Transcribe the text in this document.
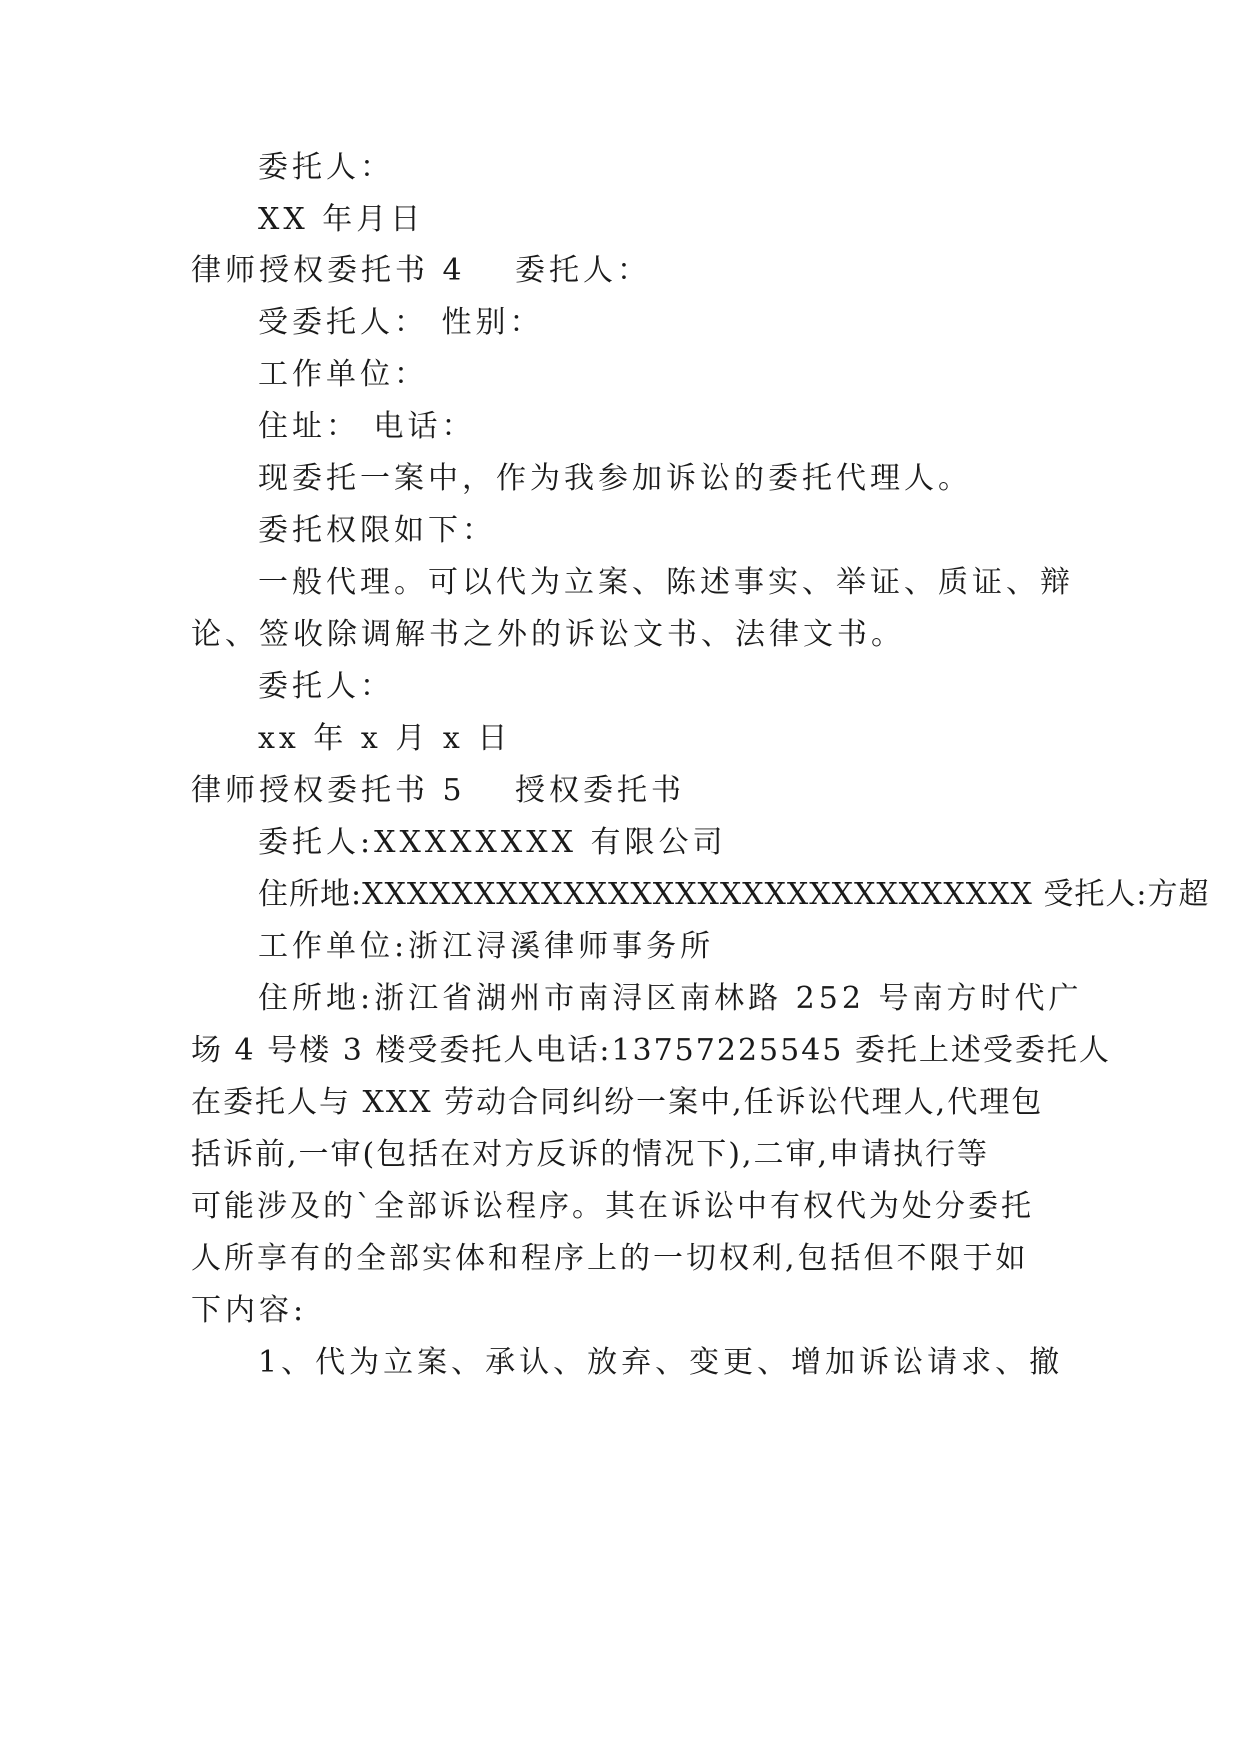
委托人：
XX 年月日
律师授权委托书 4 委托人：
受委托人： 性别：
工作单位：
住址： 电话：
现委托一案中，作为我参加诉讼的委托代理人。
委托权限如下：
一般代理。可以代为立案、陈述事实、举证、质证、辩
论、签收除调解书之外的诉讼文书、法律文书。
委托人：
xx 年 x 月 x 日
律师授权委托书 5 授权委托书
委托人:XXXXXXXX 有限公司
住所地:XXXXXXXXXXXXXXXXXXXXXXXXXXXXXX 受托人:方超
工作单位:浙江浔溪律师事务所
住所地:浙江省湖州市南浔区南林路 252 号南方时代广
场 4 号楼 3 楼受委托人电话:13757225545 委托上述受委托人
在委托人与 XXX 劳动合同纠纷一案中,任诉讼代理人,代理包
括诉前,一审(包括在对方反诉的情况下),二审,申请执行等
可能涉及的`全部诉讼程序。其在诉讼中有权代为处分委托
人所享有的全部实体和程序上的一切权利,包括但不限于如
下内容:
1、代为立案、承认、放弃、变更、增加诉讼请求、撤
